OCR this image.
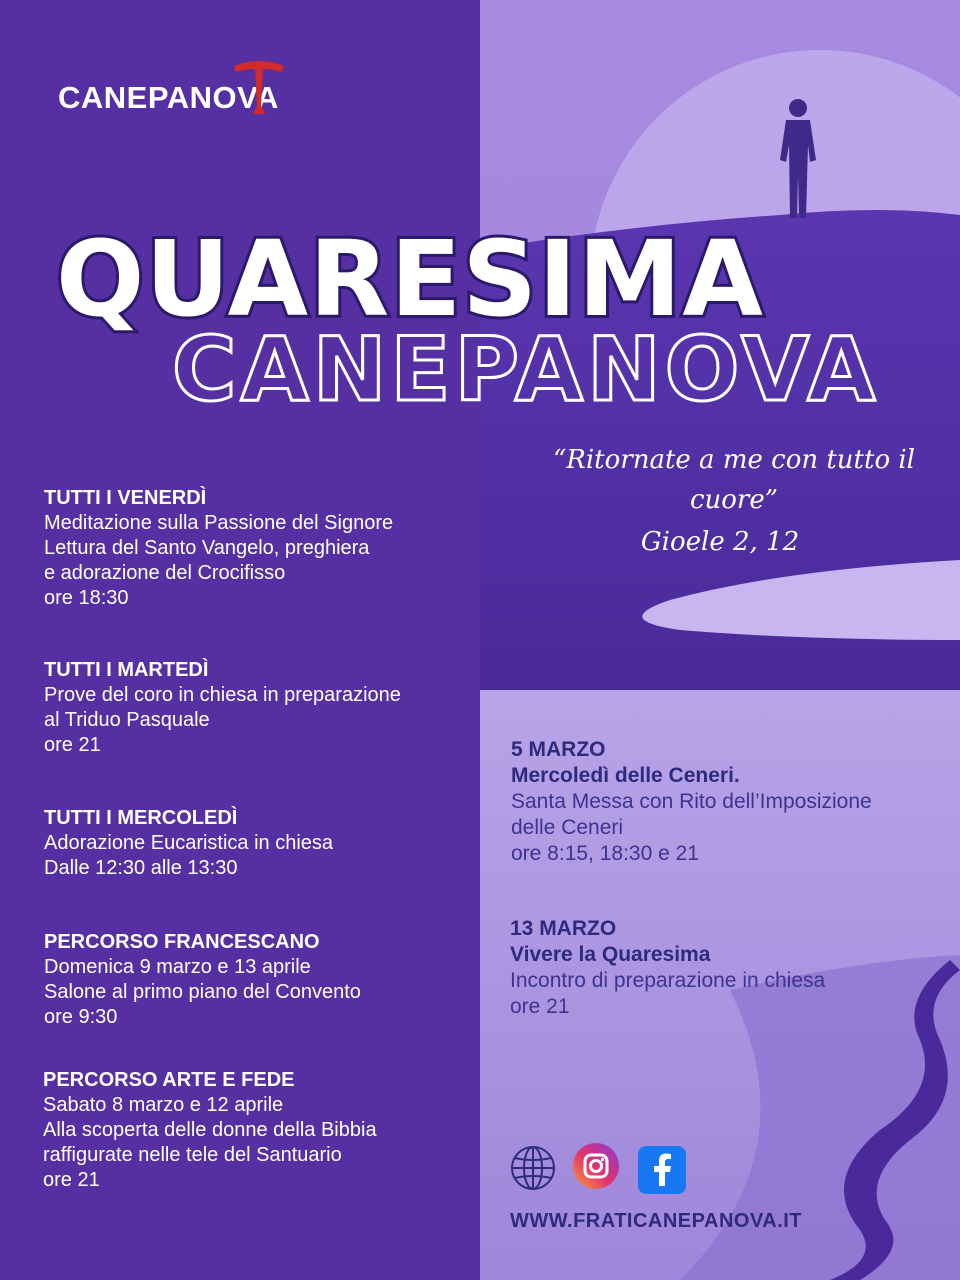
CANEPANOVA
QUARESIMA
CANEPANOVA
“Ritornate a me con tutto il cuore”
Gioele 2, 12
TUTTI I VENERDÌ
Meditazione sulla Passione del Signore
Lettura del Santo Vangelo, preghiera
e adorazione del Crocifisso
ore 18:30
TUTTI I MARTEDÌ
Prove del coro in chiesa in preparazione
al Triduo Pasquale
ore 21
TUTTI I MERCOLEDÌ
Adorazione Eucaristica in chiesa
Dalle 12:30 alle 13:30
PERCORSO FRANCESCANO
Domenica 9 marzo e 13 aprile
Salone al primo piano del Convento
ore 9:30
PERCORSO ARTE E FEDE
Sabato 8 marzo e 12 aprile
Alla scoperta delle donne della Bibbia
raffigurate nelle tele del Santuario
ore 21
5 MARZO
Mercoledì delle Ceneri.
Santa Messa con Rito dell’Imposizione
delle Ceneri
ore 8:15, 18:30 e 21
13 MARZO
Vivere la Quaresima
Incontro di preparazione in chiesa
ore 21
WWW.FRATICANEPANOVA.IT
